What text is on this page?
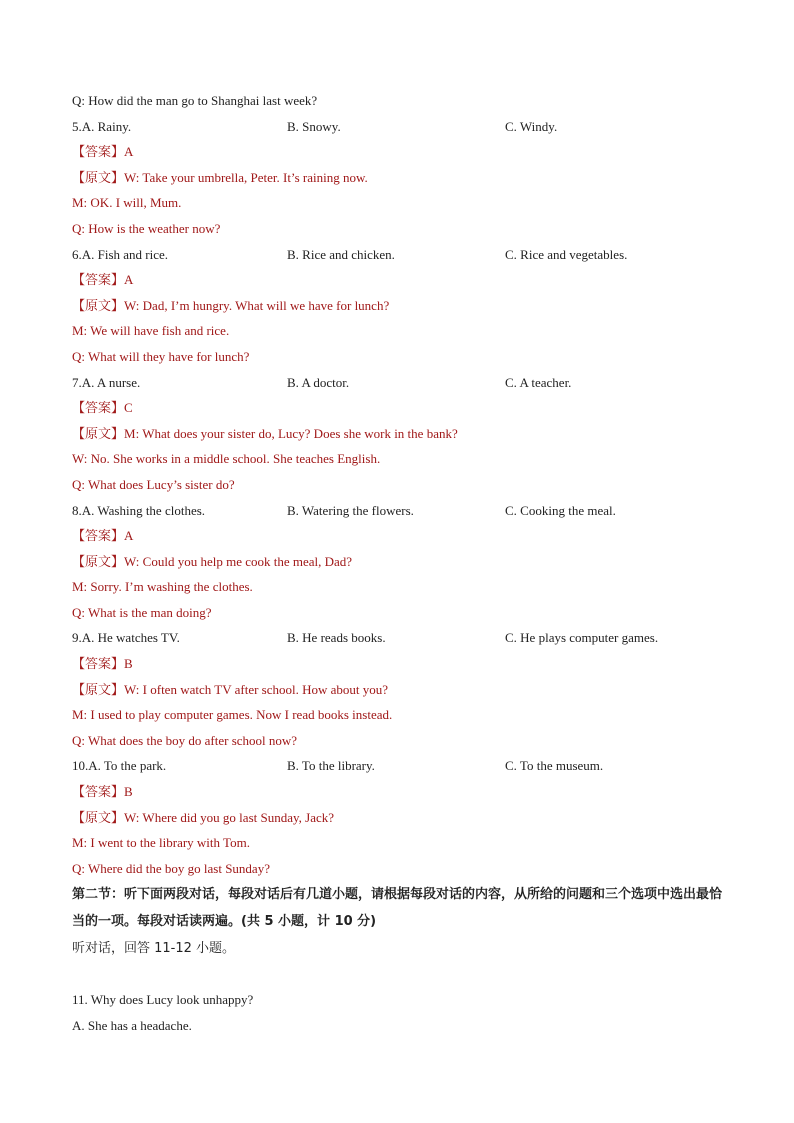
Q: How did the man go to Shanghai last week?
5.A. Rainy.	B. Snowy.	C. Windy.
【答案】A
【原文】W: Take your umbrella, Peter. It’s raining now.
M: OK. I will, Mum.
Q: How is the weather now?
6.A. Fish and rice.	B. Rice and chicken.	C. Rice and vegetables.
【答案】A
【原文】W: Dad, I’m hungry. What will we have for lunch?
M: We will have fish and rice.
Q: What will they have for lunch?
7.A. A nurse.	B. A doctor.	C. A teacher.
【答案】C
【原文】M: What does your sister do, Lucy? Does she work in the bank?
W: No. She works in a middle school. She teaches English.
Q: What does Lucy’s sister do?
8.A. Washing the clothes.	B. Watering the flowers.	C. Cooking the meal.
【答案】A
【原文】W: Could you help me cook the meal, Dad?
M: Sorry. I’m washing the clothes.
Q: What is the man doing?
9.A. He watches TV.	B. He reads books.	C. He plays computer games.
【答案】B
【原文】W: I often watch TV after school. How about you?
M: I used to play computer games. Now I read books instead.
Q: What does the boy do after school now?
10.A. To the park.	B. To the library.	C. To the museum.
【答案】B
【原文】W: Where did you go last Sunday, Jack?
M: I went to the library with Tom.
Q: Where did the boy go last Sunday?
第二节：听下面两段对话，每段对话后有几道小题，请根据每段对话的内容，从所给的问题和三个选项中选出最恰当的一项。每段对话读两遍。(共 5 小题，计 10 分)
听对话，回答 11-12 小题。
11. Why does Lucy look unhappy?
A. She has a headache.
